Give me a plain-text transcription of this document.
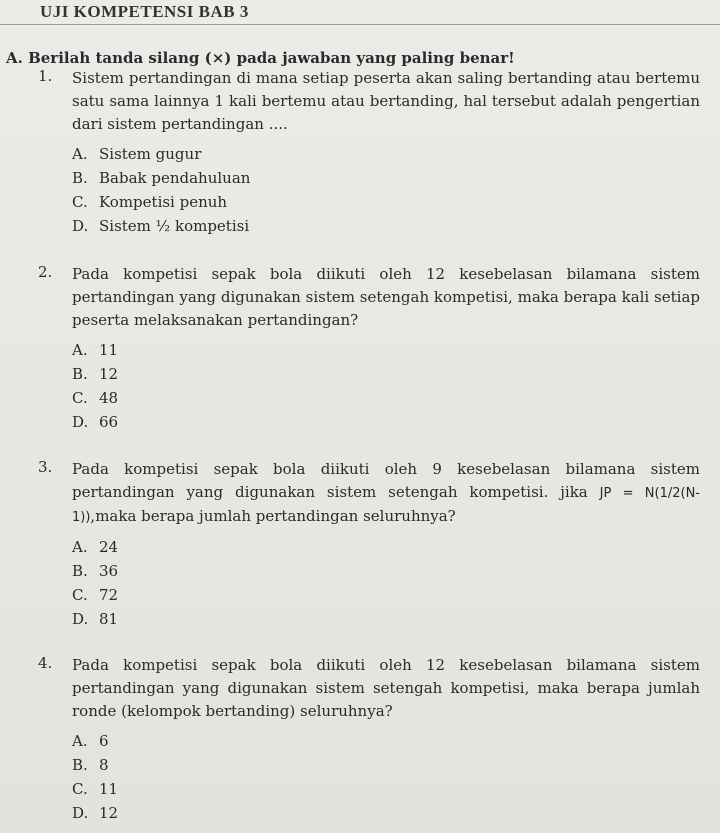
UJI KOMPETENSI BAB 3
A. Berilah tanda silang (×) pada jawaban yang paling benar!
1. Sistem pertandingan di mana setiap peserta akan saling bertanding atau bertemu satu sama lainnya 1 kali bertemu atau bertanding, hal tersebut adalah pengertian dari sistem pertandingan ....
A. Sistem gugur
B. Babak pendahuluan
C. Kompetisi penuh
D. Sistem ½ kompetisi
2. Pada kompetisi sepak bola diikuti oleh 12 kesebelasan bilamana sistem pertandingan yang digunakan sistem setengah kompetisi, maka berapa kali setiap peserta melaksanakan pertandingan?
A. 11
B. 12
C. 48
D. 66
3. Pada kompetisi sepak bola diikuti oleh 9 kesebelasan bilamana sistem pertandingan yang digunakan sistem setengah kompetisi. jika JP = N(1/2(N-1)),maka berapa jumlah pertandingan seluruhnya?
A. 24
B. 36
C. 72
D. 81
4. Pada kompetisi sepak bola diikuti oleh 12 kesebelasan bilamana sistem pertandingan yang digunakan sistem setengah kompetisi, maka berapa jumlah ronde (kelompok bertanding) seluruhnya?
A. 6
B. 8
C. 11
D. 12
